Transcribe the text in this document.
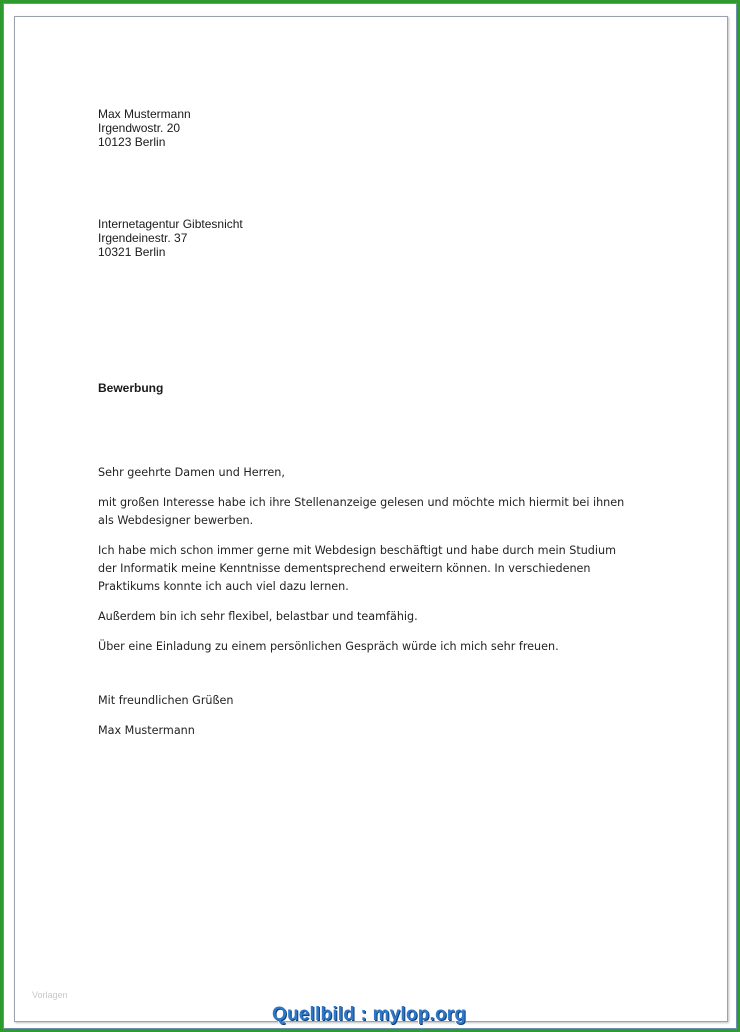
Max Mustermann
Irgendwostr. 20
10123 Berlin
Internetagentur Gibtesnicht
Irgendeinestr. 37
10321 Berlin
Bewerbung

Sehr geehrte Damen und Herren,

mit großen Interesse habe ich ihre Stellenanzeige gelesen und möchte mich hiermit bei ihnen als Webdesigner bewerben.

Ich habe mich schon immer gerne mit Webdesign beschäftigt und habe durch mein Studium der Informatik meine Kenntnisse dementsprechend erweitern können. In verschiedenen Praktikums konnte ich auch viel dazu lernen.

Außerdem bin ich sehr flexibel, belastbar und teamfähig.

Über eine Einladung zu einem persönlichen Gespräch würde ich mich sehr freuen.

Mit freundlichen Grüßen

Max Mustermann

Vorlagen
Quellbild : mylop.org
